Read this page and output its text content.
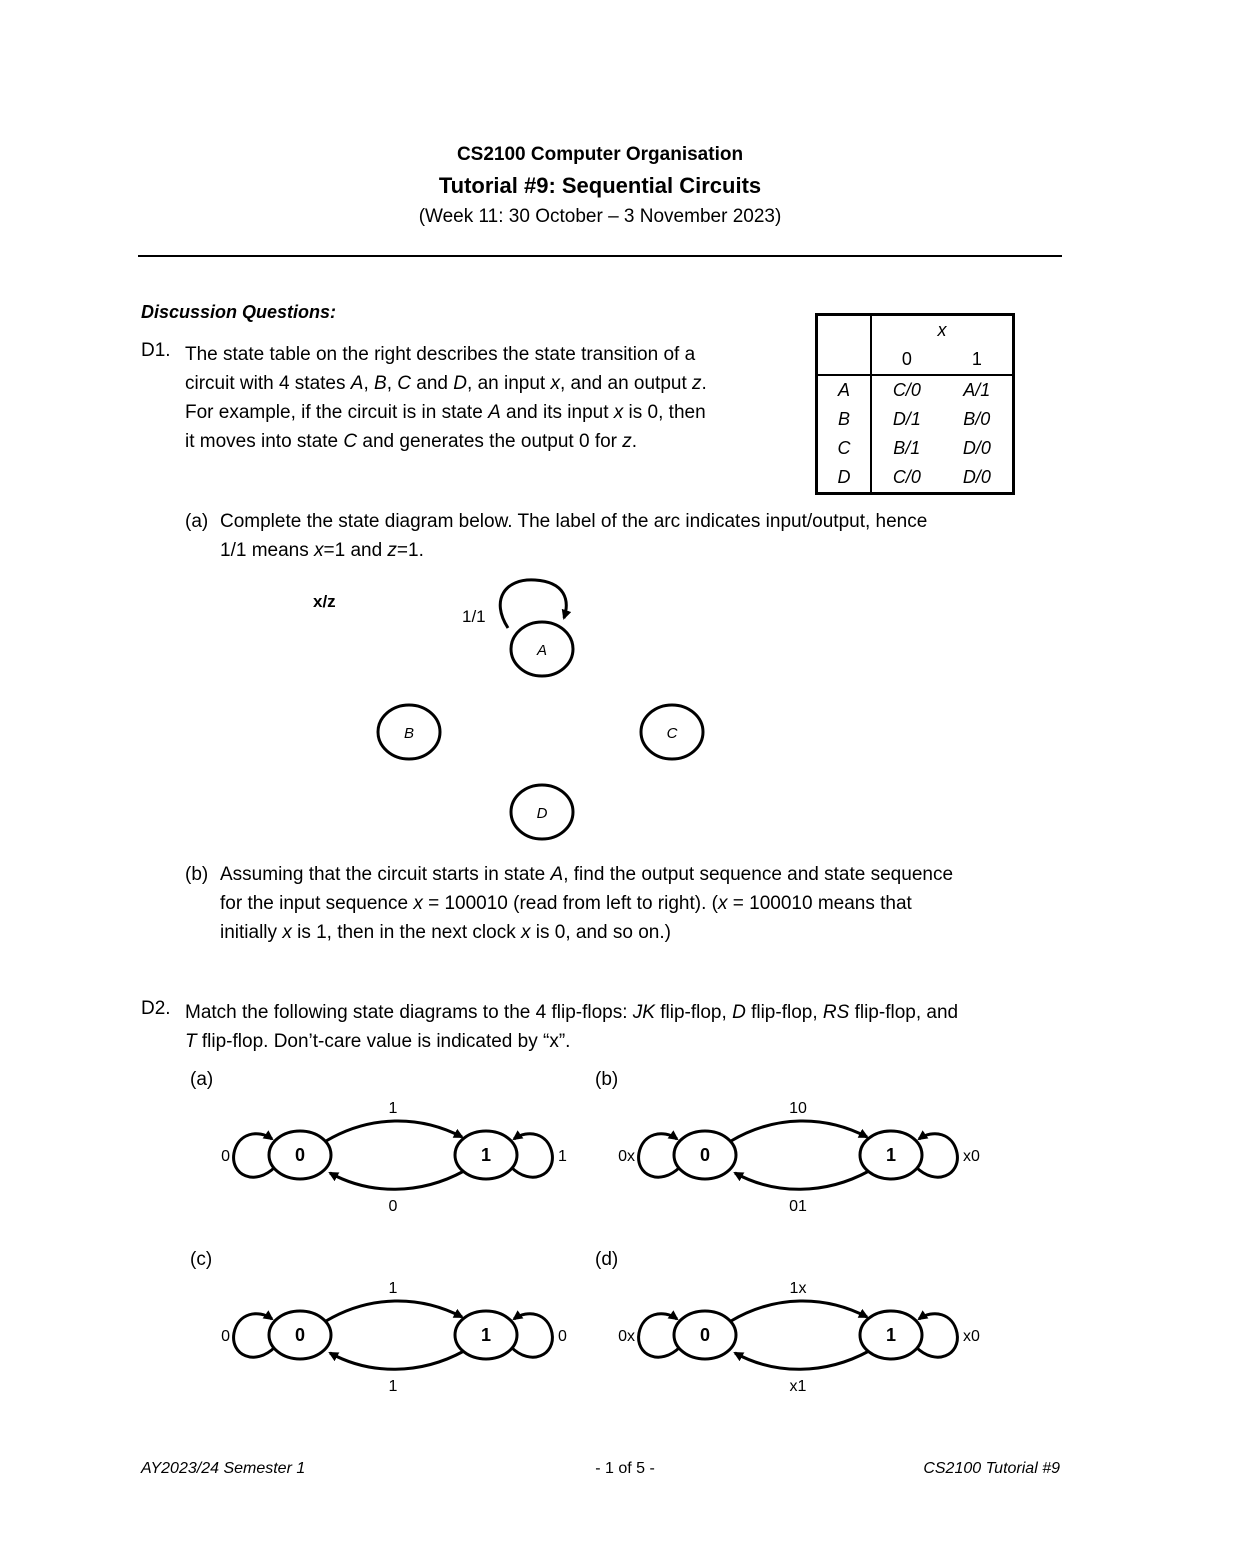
CS2100 Computer Organisation
Tutorial #9: Sequential Circuits
(Week 11: 30 October – 3 November 2023)
Discussion Questions:
D1. The state table on the right describes the state transition of a
circuit with 4 states A, B, C and D, an input x, and an output z.
For example, if the circuit is in state A and its input x is 0, then
it moves into state C and generates the output 0 for z.
	x	
	0	1
A	C/0	A/1
B	D/1	B/0
C	B/1	D/0
D	C/0	D/0
(a) Complete the state diagram below. The label of the arc indicates input/output, hence
1/1 means x=1 and z=1.
x/z
1/1
A
B	C
D
(b) Assuming that the circuit starts in state A, find the output sequence and state sequence
for the input sequence x = 100010 (read from left to right). (x = 100010 means that
initially x is 1, then in the next clock x is 0, and so on.)
D2. Match the following state diagrams to the 4 flip-flops: JK flip-flop, D flip-flop, RS flip-flop, and
T flip-flop. Don’t-care value is indicated by “x”.
(a)
0	1
1
0
0	1
(b)
0	1
10
01
0x	x0
(c)
0	1
1
1
0	0
(d)
0	1
1x
x1
0x	x0
AY2023/24 Semester 1	- 1 of 5 -	CS2100 Tutorial #9
